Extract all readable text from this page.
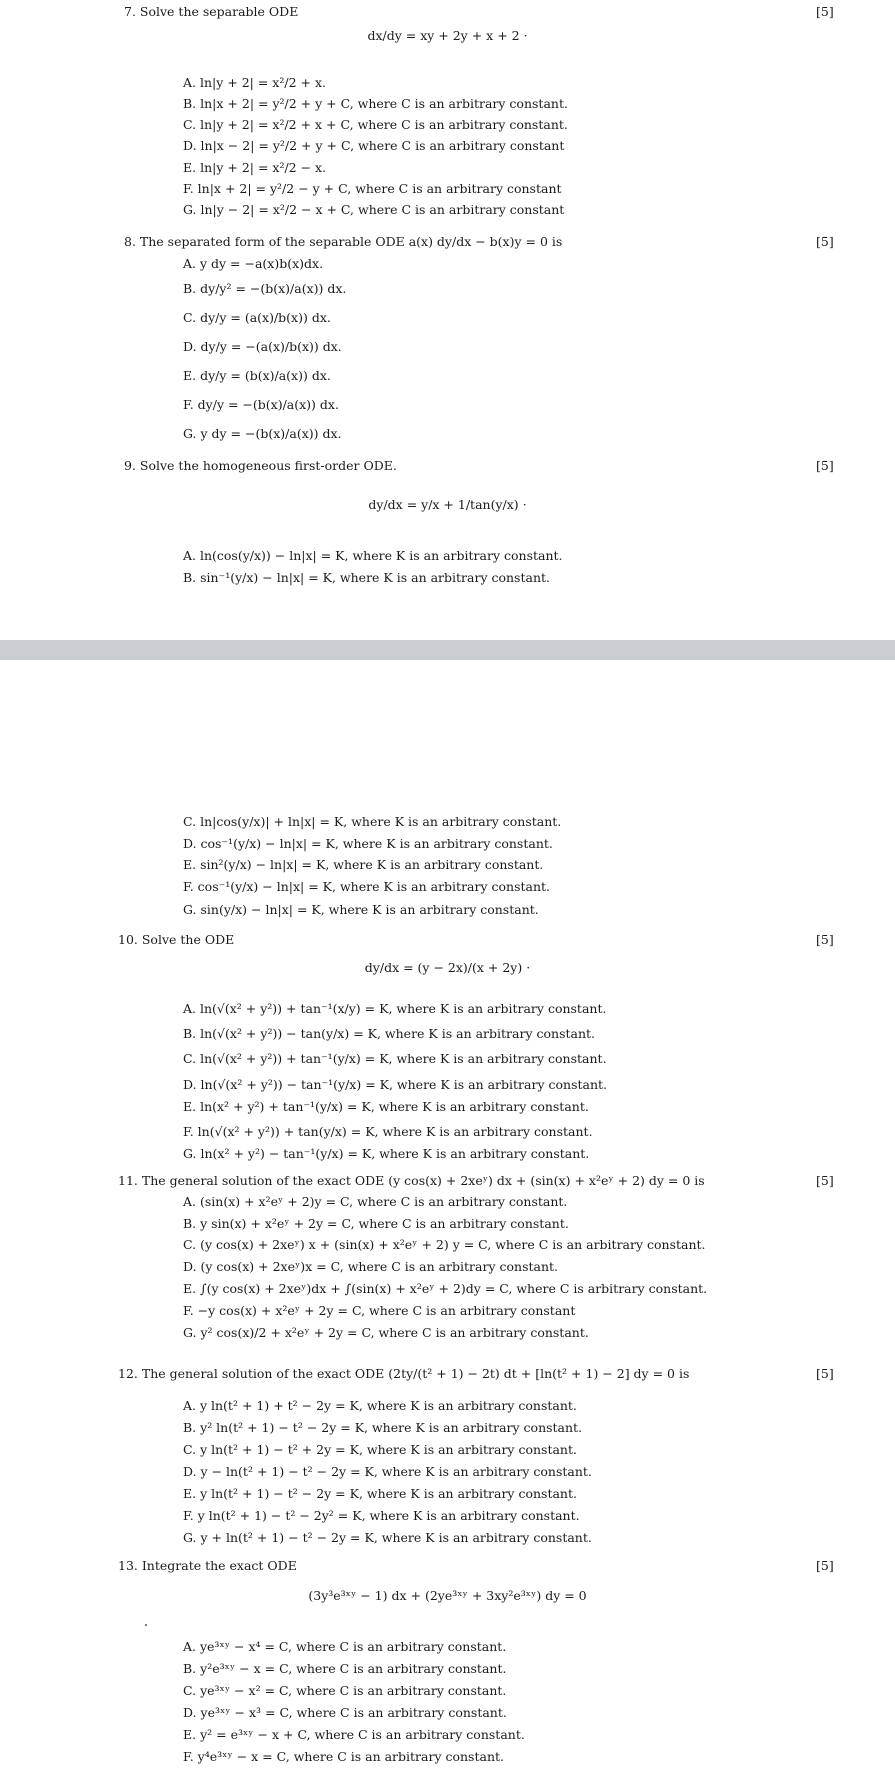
7. Solve the separable ODE	[5]
dx/dy = xy + 2y + x + 2 ·
A. ln|y + 2| = x²/2 + x.
B. ln|x + 2| = y²/2 + y + C, where C is an arbitrary constant.
C. ln|y + 2| = x²/2 + x + C, where C is an arbitrary constant.
D. ln|x − 2| = y²/2 + y + C, where C is an arbitrary constant
E. ln|y + 2| = x²/2 − x.
F. ln|x + 2| = y²/2 − y + C, where C is an arbitrary constant
G. ln|y − 2| = x²/2 − x + C, where C is an arbitrary constant
8. The separated form of the separable ODE a(x) dy/dx − b(x)y = 0 is	[5]
A. y dy = −a(x)b(x)dx.
B. dy/y² = −(b(x)/a(x)) dx.
C. dy/y = (a(x)/b(x)) dx.
D. dy/y = −(a(x)/b(x)) dx.
E. dy/y = (b(x)/a(x)) dx.
F. dy/y = −(b(x)/a(x)) dx.
G. y dy = −(b(x)/a(x)) dx.
9. Solve the homogeneous first-order ODE.	[5]
dy/dx = y/x + 1/tan(y/x) ·
A. ln(cos(y/x)) − ln|x| = K, where K is an arbitrary constant.
B. sin⁻¹(y/x) − ln|x| = K, where K is an arbitrary constant.
C. ln|cos(y/x)| + ln|x| = K, where K is an arbitrary constant.
D. cos⁻¹(y/x) − ln|x| = K, where K is an arbitrary constant.
E. sin²(y/x) − ln|x| = K, where K is an arbitrary constant.
F. cos⁻¹(y/x) − ln|x| = K, where K is an arbitrary constant.
G. sin(y/x) − ln|x| = K, where K is an arbitrary constant.
10. Solve the ODE	[5]
dy/dx = (y − 2x)/(x + 2y) ·
A. ln(√(x² + y²)) + tan⁻¹(x/y) = K, where K is an arbitrary constant.
B. ln(√(x² + y²)) − tan(y/x) = K, where K is an arbitrary constant.
C. ln(√(x² + y²)) + tan⁻¹(y/x) = K, where K is an arbitrary constant.
D. ln(√(x² + y²)) − tan⁻¹(y/x) = K, where K is an arbitrary constant.
E. ln(x² + y²) + tan⁻¹(y/x) = K, where K is an arbitrary constant.
F. ln(√(x² + y²)) + tan(y/x) = K, where K is an arbitrary constant.
G. ln(x² + y²) − tan⁻¹(y/x) = K, where K is an arbitrary constant.
11. The general solution of the exact ODE (y cos(x) + 2xeʸ) dx + (sin(x) + x²eʸ + 2) dy = 0 is	[5]
A. (sin(x) + x²eʸ + 2)y = C, where C is an arbitrary constant.
B. y sin(x) + x²eʸ + 2y = C, where C is an arbitrary constant.
C. (y cos(x) + 2xeʸ) x + (sin(x) + x²eʸ + 2) y = C, where C is an arbitrary constant.
D. (y cos(x) + 2xeʸ)x = C, where C is an arbitrary constant.
E. ∫(y cos(x) + 2xeʸ)dx + ∫(sin(x) + x²eʸ + 2)dy = C, where C is arbitrary constant.
F. −y cos(x) + x²eʸ + 2y = C, where C is an arbitrary constant
G. y² cos(x)/2 + x²eʸ + 2y = C, where C is an arbitrary constant.
12. The general solution of the exact ODE (2ty/(t² + 1) − 2t) dt + [ln(t² + 1) − 2] dy = 0 is	[5]
A. y ln(t² + 1) + t² − 2y = K, where K is an arbitrary constant.
B. y² ln(t² + 1) − t² − 2y = K, where K is an arbitrary constant.
C. y ln(t² + 1) − t² + 2y = K, where K is an arbitrary constant.
D. y − ln(t² + 1) − t² − 2y = K, where K is an arbitrary constant.
E. y ln(t² + 1) − t² − 2y = K, where K is an arbitrary constant.
F. y ln(t² + 1) − t² − 2y² = K, where K is an arbitrary constant.
G. y + ln(t² + 1) − t² − 2y = K, where K is an arbitrary constant.
13. Integrate the exact ODE	[5]
(3y³e³ˣʸ − 1) dx + (2ye³ˣʸ + 3xy²e³ˣʸ) dy = 0
A. ye³ˣʸ − x⁴ = C, where C is an arbitrary constant.
B. y²e³ˣʸ − x = C, where C is an arbitrary constant.
C. ye³ˣʸ − x² = C, where C is an arbitrary constant.
D. ye³ˣʸ − x³ = C, where C is an arbitrary constant.
E. y² = e³ˣʸ − x + C, where C is an arbitrary constant.
F. y⁴e³ˣʸ − x = C, where C is an arbitrary constant.
